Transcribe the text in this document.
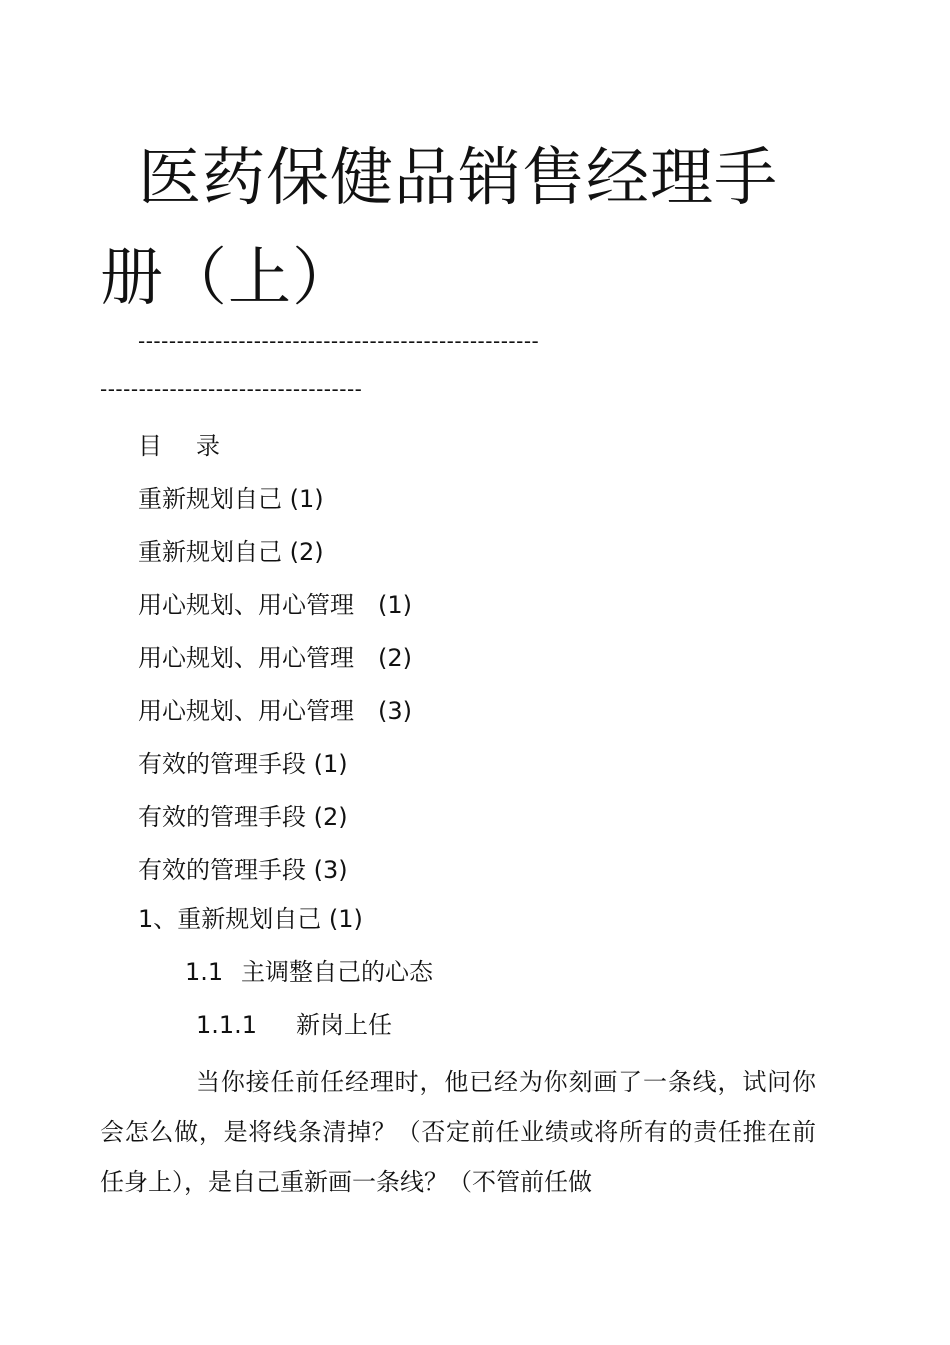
医药保健品销售经理手册（上）
----------------------------------------------------
----------------------------------
目 录
重新规划自己 (1)
重新规划自己 (2)
用心规划、用心管理　(1)
用心规划、用心管理　(2)
用心规划、用心管理　(3)
有效的管理手段 (1)
有效的管理手段 (2)
有效的管理手段 (3)
1、重新规划自己 (1)
1.1 主调整自己的心态
1.1.1 新岗上任

当你接任前任经理时，他已经为你刻画了一条线，试问你会怎么做，是将线条清掉？（否定前任业绩或将所有的责任推在前任身上），是自己重新画一条线？（不管前任做
